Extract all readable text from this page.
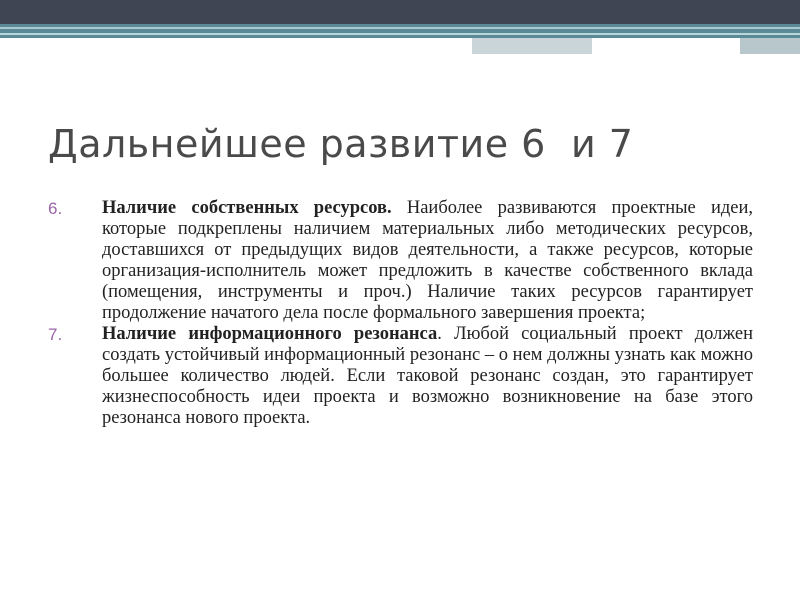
Дальнейшее развитие 6  и 7
6.	Наличие собственных ресурсов. Наиболее развиваются проектные идеи, которые подкреплены наличием материальных либо методических ресурсов, доставшихся от предыдущих видов деятельности, а также ресурсов, которые организация-исполнитель может предложить в качестве собственного вклада (помещения, инструменты и проч.) Наличие таких ресурсов гарантирует продолжение начатого дела после формального завершения проекта;
7.	Наличие информационного резонанса. Любой социальный проект должен создать устойчивый информационный резонанс – о нем должны узнать как можно большее количество людей. Если таковой резонанс создан, это гарантирует жизнеспособность идеи проекта и возможно возникновение на базе этого резонанса нового проекта.
